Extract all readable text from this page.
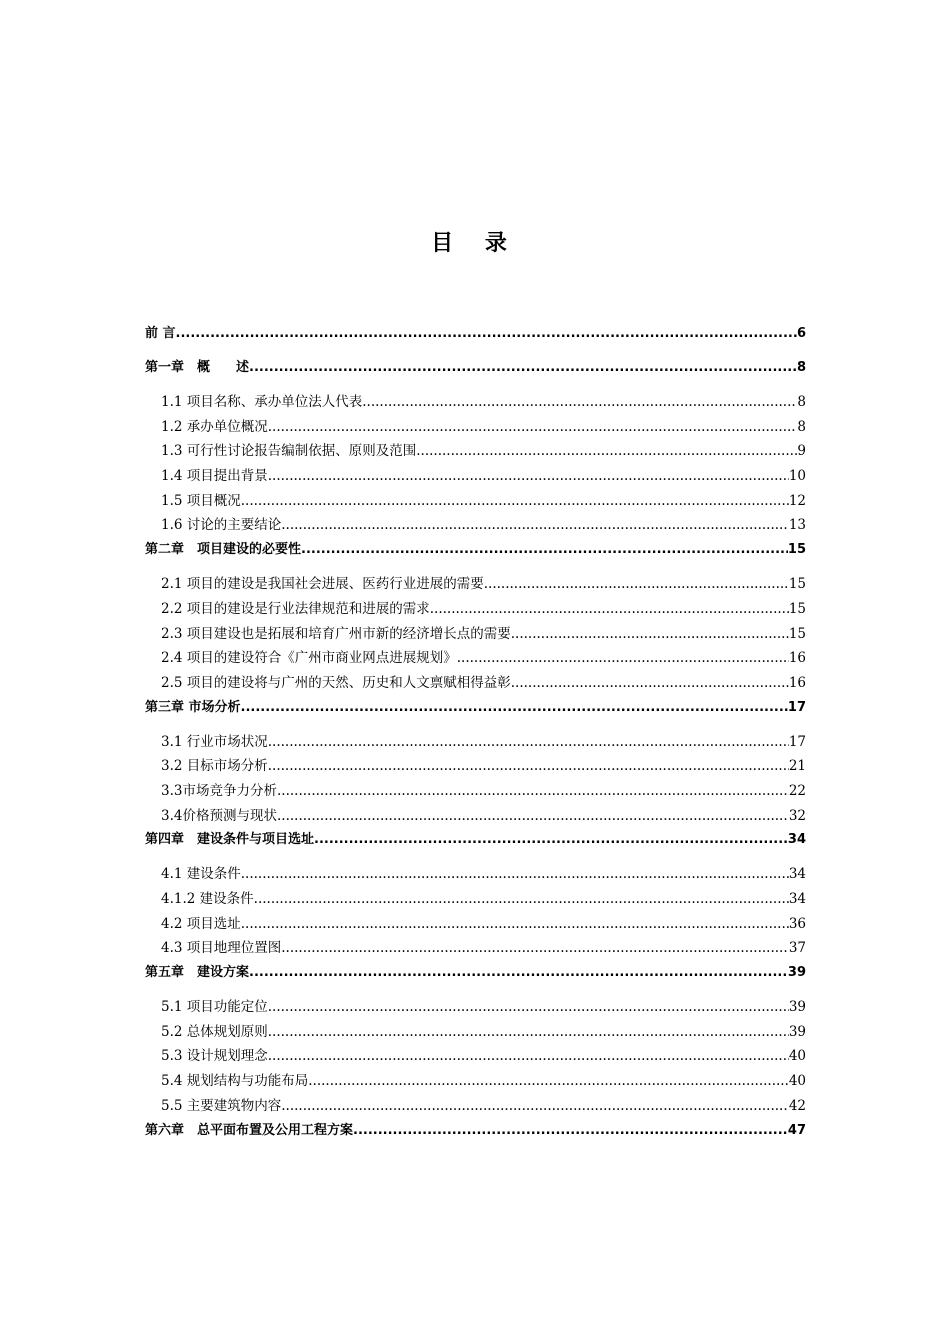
目 录
前 言 .....	6
第一章　概　　述 .....	8
1.1 项目名称、承办单位法人代表 .....	8
1.2 承办单位概况 .....	8
1.3 可行性讨论报告编制依据、原则及范围 .....	9
1.4 项目提出背景 .....	10
1.5 项目概况 .....	12
1.6 讨论的主要结论 .....	13
第二章　项目建设的必要性 .....	15
2.1 项目的建设是我国社会进展、医药行业进展的需要 .....	15
2.2 项目的建设是行业法律规范和进展的需求 .....	15
2.3 项目建设也是拓展和培育广州市新的经济增长点的需要 .....	15
2.4 项目的建设符合《广州市商业网点进展规划》 .....	16
2.5 项目的建设将与广州的天然、历史和人文禀赋相得益彰 .....	16
第三章 市场分析 .....	17
3.1 行业市场状况 .....	17
3.2 目标市场分析 .....	21
3.3市场竞争力分析 .....	22
3.4价格预测与现状 .....	32
第四章　建设条件与项目选址 .....	34
4.1 建设条件 .....	34
4.1.2 建设条件 .....	34
4.2 项目选址 .....	36
4.3 项目地理位置图 .....	37
第五章　建设方案 .....	39
5.1 项目功能定位 .....	39
5.2 总体规划原则 .....	39
5.3 设计规划理念 .....	40
5.4 规划结构与功能布局 .....	40
5.5 主要建筑物内容 .....	42
第六章　总平面布置及公用工程方案 .....	47
